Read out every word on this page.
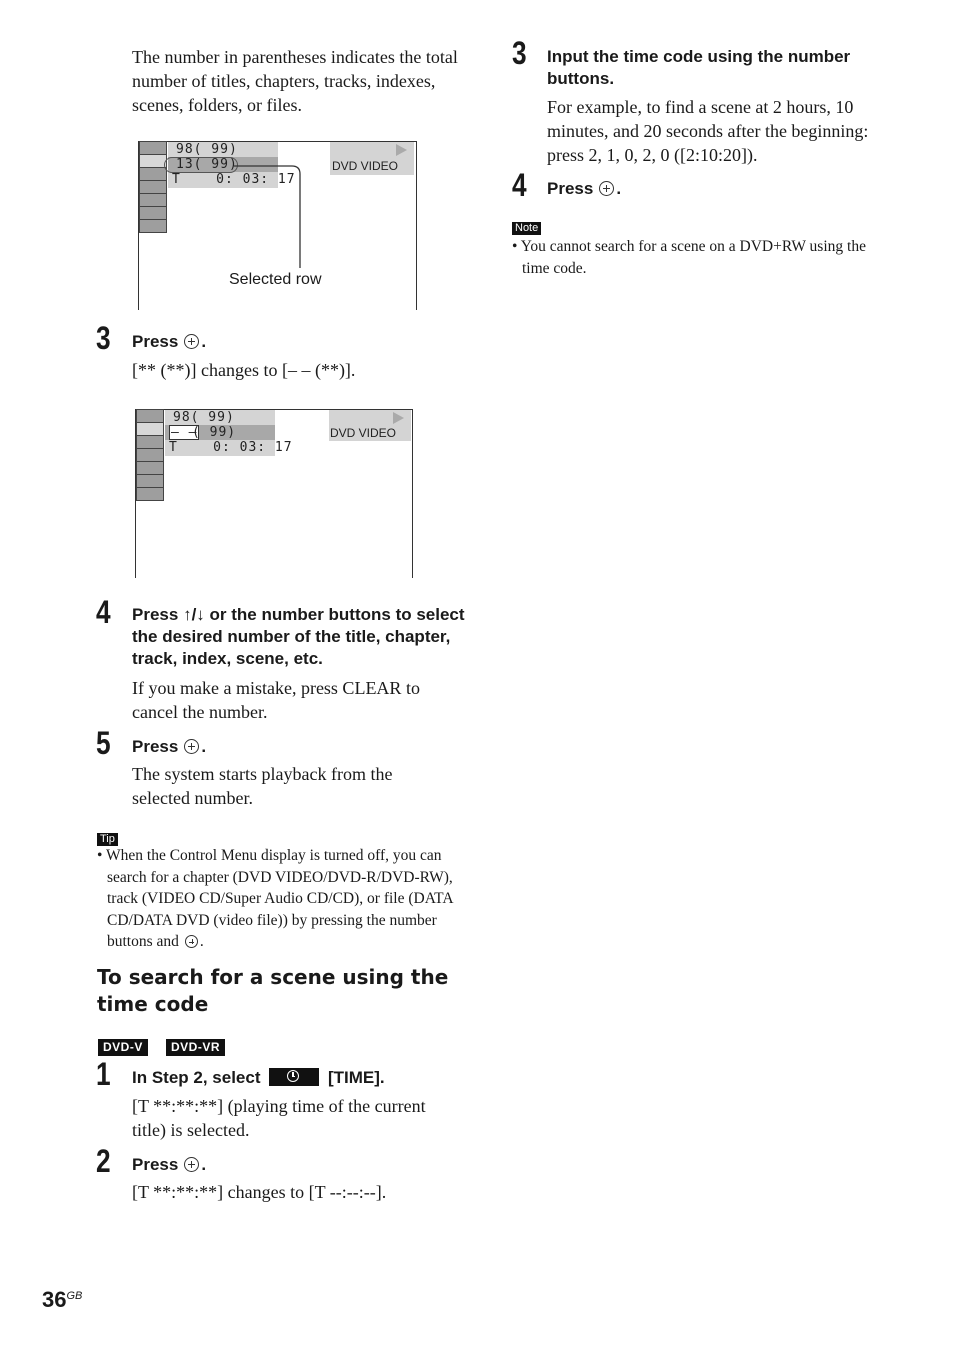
The number in parentheses indicates the total number of titles, chapters, tracks, indexes, scenes, folders, or files.
98( 99)
13( 99)
T    0: 03: 17
DVD VIDEO
Selected row
3 Press .
[** (**)] changes to [– – (**)].
98( 99)
– –
( 99)
T    0: 03: 17
DVD VIDEO
4 Press ↑/↓ or the number buttons to select the desired number of the title, chapter, track, index, scene, etc.
If you make a mistake, press CLEAR to cancel the number.
5 Press .
The system starts playback from the selected number.
Tip
• When the Control Menu display is turned off, you can search for a chapter (DVD VIDEO/DVD-R/DVD-RW), track (VIDEO CD/Super Audio CD/CD), or file (DATA CD/DATA DVD (video file)) by pressing the number buttons and .
To search for a scene using the time code
DVD-V	DVD-VR
1 In Step 2, select	[TIME].
[T **:**:**] (playing time of the current title) is selected.
2 Press .
[T **:**:**] changes to [T --:--:--].
3 Input the time code using the number buttons.
For example, to find a scene at 2 hours, 10 minutes, and 20 seconds after the beginning: press 2, 1, 0, 2, 0 ([2:10:20]).
4 Press .
Note
• You cannot search for a scene on a DVD+RW using the time code.
$36^{GB}$
